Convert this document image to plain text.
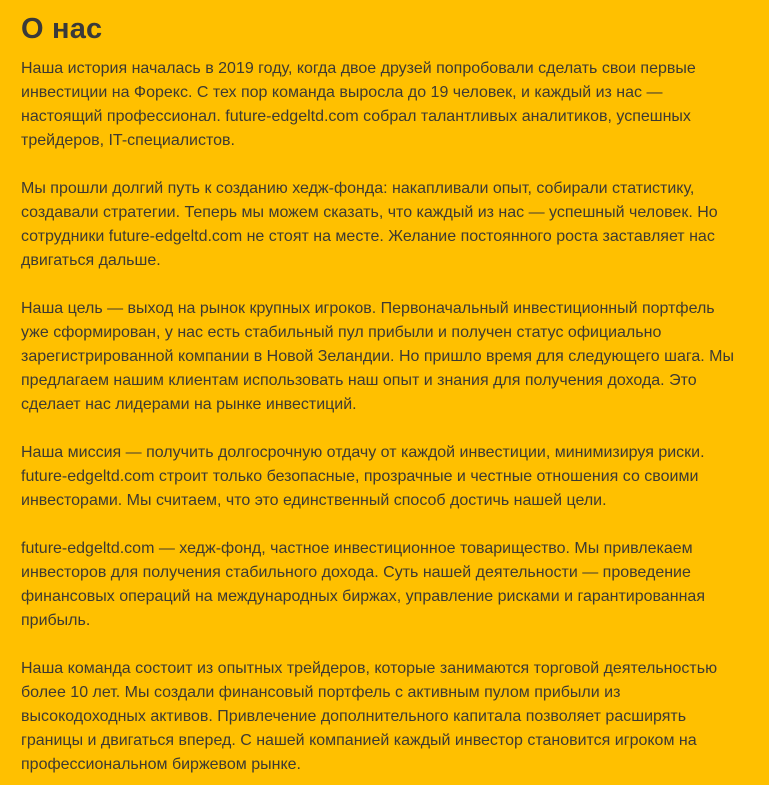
О нас

Наша история началась в 2019 году, когда двое друзей попробовали сделать свои первые инвестиции на Форекс. С тех пор команда выросла до 19 человек, и каждый из нас — настоящий профессионал. future-edgeltd.com собрал талантливых аналитиков, успешных трейдеров, IT-специалистов.

Мы прошли долгий путь к созданию хедж-фонда: накапливали опыт, собирали статистику, создавали стратегии. Теперь мы можем сказать, что каждый из нас — успешный человек. Но сотрудники future-edgeltd.com не стоят на месте. Желание постоянного роста заставляет нас двигаться дальше.

Наша цель — выход на рынок крупных игроков. Первоначальный инвестиционный портфель уже сформирован, у нас есть стабильный пул прибыли и получен статус официально зарегистрированной компании в Новой Зеландии. Но пришло время для следующего шага. Мы предлагаем нашим клиентам использовать наш опыт и знания для получения дохода. Это сделает нас лидерами на рынке инвестиций.

Наша миссия — получить долгосрочную отдачу от каждой инвестиции, минимизируя риски. future-edgeltd.com строит только безопасные, прозрачные и честные отношения со своими инвесторами. Мы считаем, что это единственный способ достичь нашей цели.

future-edgeltd.com — хедж-фонд, частное инвестиционное товарищество. Мы привлекаем инвесторов для получения стабильного дохода. Суть нашей деятельности — проведение финансовых операций на международных биржах, управление рисками и гарантированная прибыль.

Наша команда состоит из опытных трейдеров, которые занимаются торговой деятельностью более 10 лет. Мы создали финансовый портфель с активным пулом прибыли из высокодоходных активов. Привлечение дополнительного капитала позволяет расширять границы и двигаться вперед. С нашей компанией каждый инвестор становится игроком на профессиональном биржевом рынке.
